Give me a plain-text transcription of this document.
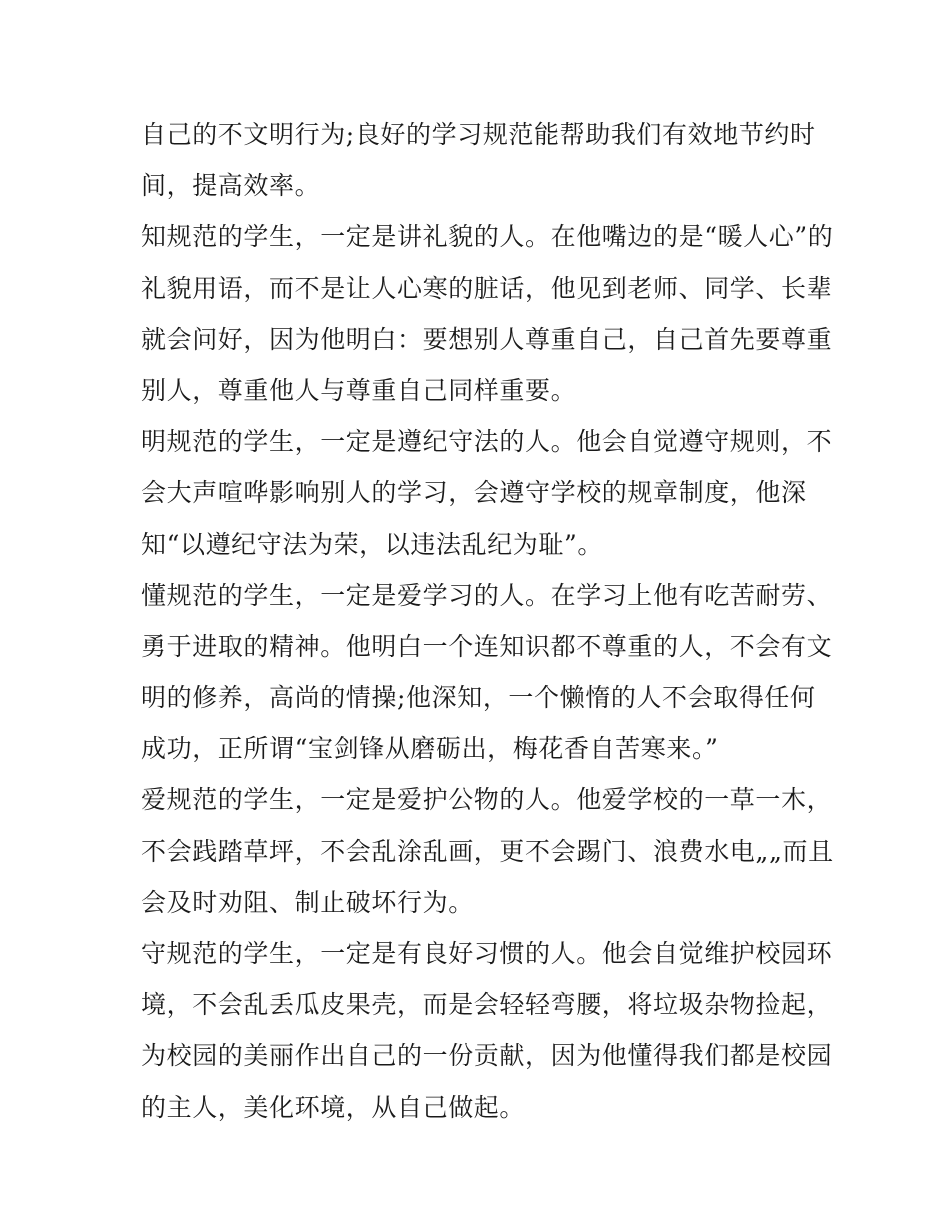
自己的不文明行为;良好的学习规范能帮助我们有效地节约时
间，提高效率。
知规范的学生，一定是讲礼貌的人。在他嘴边的是“暖人心”的
礼貌用语，而不是让人心寒的脏话，他见到老师、同学、长辈
就会问好，因为他明白：要想别人尊重自己，自己首先要尊重
别人，尊重他人与尊重自己同样重要。
明规范的学生，一定是遵纪守法的人。他会自觉遵守规则，不
会大声喧哗影响别人的学习，会遵守学校的规章制度，他深
知“以遵纪守法为荣，以违法乱纪为耻”。
懂规范的学生，一定是爱学习的人。在学习上他有吃苦耐劳、
勇于进取的精神。他明白一个连知识都不尊重的人，不会有文
明的修养，高尚的情操;他深知，一个懒惰的人不会取得任何
成功，正所谓“宝剑锋从磨砺出，梅花香自苦寒来。”
爱规范的学生，一定是爱护公物的人。他爱学校的一草一木，
不会践踏草坪，不会乱涂乱画，更不会踢门、浪费水电„„而且
会及时劝阻、制止破坏行为。
守规范的学生，一定是有良好习惯的人。他会自觉维护校园环
境，不会乱丢瓜皮果壳，而是会轻轻弯腰，将垃圾杂物捡起，
为校园的美丽作出自己的一份贡献，因为他懂得我们都是校园
的主人，美化环境，从自己做起。
